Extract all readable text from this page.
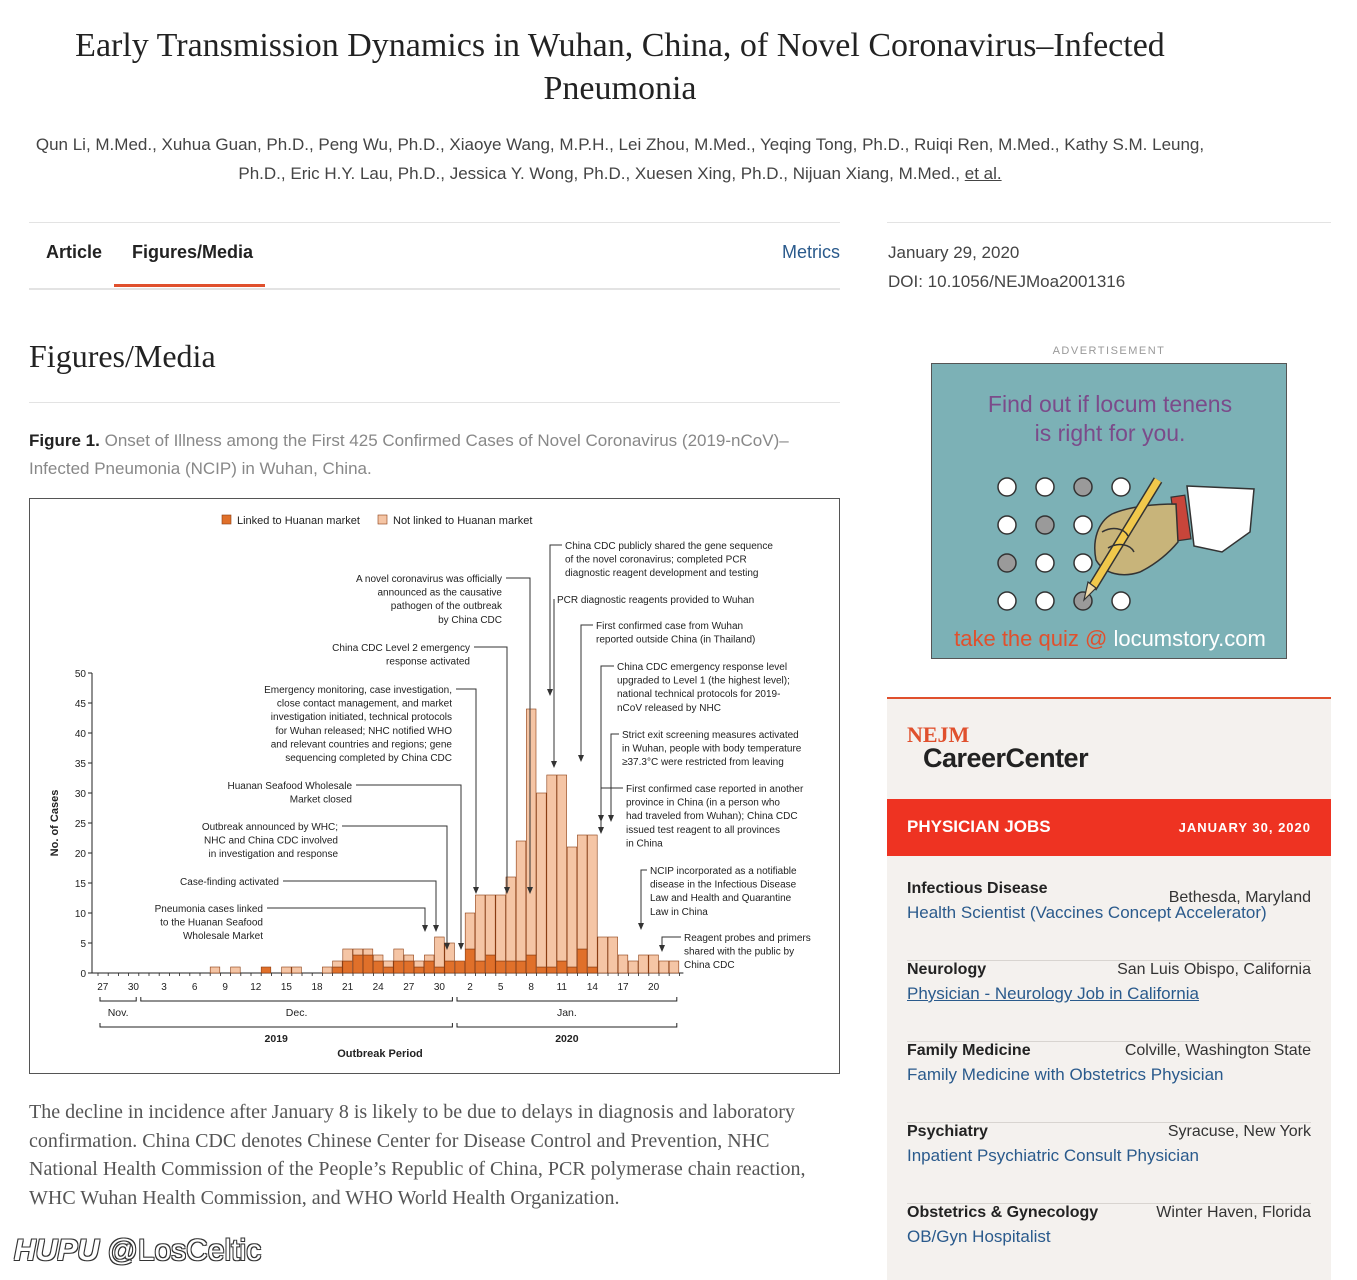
Early Transmission Dynamics in Wuhan, China, of Novel Coronavirus–Infected Pneumonia
Qun Li, M.Med., Xuhua Guan, Ph.D., Peng Wu, Ph.D., Xiaoye Wang, M.P.H., Lei Zhou, M.Med., Yeqing Tong, Ph.D., Ruiqi Ren, M.Med., Kathy S.M. Leung, Ph.D., Eric H.Y. Lau, Ph.D., Jessica Y. Wong, Ph.D., Xuesen Xing, Ph.D., Nijuan Xiang, M.Med., et al.
Article Figures/Media	Metrics	January 29, 2020
DOI: 10.1056/NEJMoa2001316
Figures/Media
Figure 1. Onset of Illness among the First 425 Confirmed Cases of Novel Coronavirus (2019-nCoV)–Infected Pneumonia (NCIP) in Wuhan, China.
Linked to Huanan market	Not linked to Huanan market
0
5
10
15
20
25
30
35
40
45
50
No. of Cases
27 30 3	6	9 12 15 18 21 24 27 30 2	5	8 11 14 17 20
Nov.	Dec.	Jan.
2019	2020
Outbreak Period
China CDC publicly shared the gene sequence of the novel coronavirus; completed PCR diagnostic reagent development and testing
PCR diagnostic reagents provided to Wuhan
First confirmed case from Wuhan reported outside China (in Thailand)
China CDC emergency response level upgraded to Level 1 (the highest level); national technical protocols for 2019-nCoV released by NHC
Strict exit screening measures activated in Wuhan, people with body temperature ≥37.3°C were restricted from leaving
First confirmed case reported in another province in China (in a person who had traveled from Wuhan); China CDC issued test reagent to all provinces in China
NCIP incorporated as a notifiable disease in the Infectious Disease Law and Health and Quarantine Law in China
Reagent probes and primers shared with the public by China CDC
A novel coronavirus was officially announced as the causative pathogen of the outbreak by China CDC
China CDC Level 2 emergency response activated
Emergency monitoring, case investigation, close contact management, and market investigation initiated, technical protocols for Wuhan released; NHC notified WHO and relevant countries and regions; gene sequencing completed by China CDC
Huanan Seafood Wholesale Market closed
Outbreak announced by WHC; NHC and China CDC involved in investigation and response
Case-finding activated
Pneumonia cases linked to the Huanan Seafood Wholesale Market
The decline in incidence after January 8 is likely to be due to delays in diagnosis and laboratory confirmation. China CDC denotes Chinese Center for Disease Control and Prevention, NHC National Health Commission of the People’s Republic of China, PCR polymerase chain reaction, WHC Wuhan Health Commission, and WHO World Health Organization.
HUPU @LosCeltic
ADVERTISEMENT
Find out if locum tenens
is right for you.
take the quiz @ locumstory.com
NEJM
CareerCenter
PHYSICIAN JOBS	JANUARY 30, 2020
Infectious Disease
Bethesda, Maryland
Health Scientist (Vaccines Concept Accelerator)
Neurology	San Luis Obispo, California
Physician - Neurology Job in California
Family Medicine	Colville, Washington State
Family Medicine with Obstetrics Physician
Psychiatry	Syracuse, New York
Inpatient Psychiatric Consult Physician
Obstetrics & Gynecology	Winter Haven, Florida
OB/Gyn Hospitalist
